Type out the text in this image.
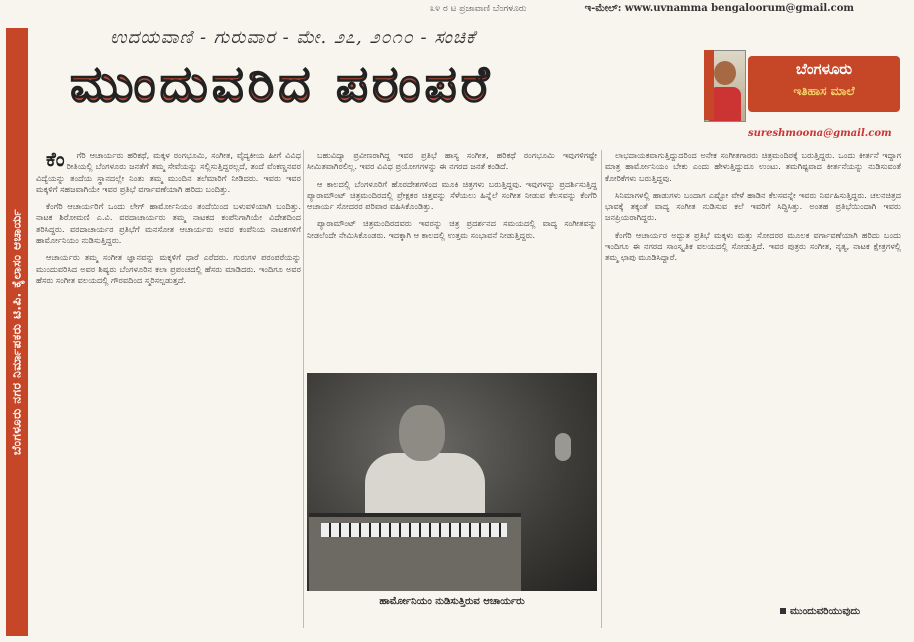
೩೪ ರ ಟ ಪ್ರಜಾವಾಣಿ ಬೆಂಗಳೂರು	ಇ-ಮೇಲ್: www.uvnamma bengaloorum@gmail.com
ಬೆಂಗಳೂರು ನಗರ ನಿರ್ಮಾಪಕರು ಟಿ.ಪಿ. ಕೈಲಾಸಂ ಆಚಾರ್ಯ
ಉದಯವಾಣಿ - ಗುರುವಾರ - ಮೇ. ೨೭, ೨೦೧೦ - ಸಂಚಿಕೆ
ಮುಂದುವರಿದ ಪರಂಪರೆ	ಬೆಂಗಳೂರು
ಇತಿಹಾಸ ಮಾಲೆ
sureshmoona@gmail.com

ಕೆಂಗೆರಿ ಆಚಾರ್ಯರು ಹರಿಕಥೆ, ಮಕ್ಕಳ ರಂಗಭೂಮಿ, ಸಂಗೀತ, ವೈದ್ಯಕೀಯ ಹೀಗೆ ವಿವಿಧ ರೀತಿಯಲ್ಲಿ ಬೆಂಗಳೂರು ಜನತೆಗೆ ತಮ್ಮ ಸೇವೆಯನ್ನು ಸಲ್ಲಿಸುತ್ತಿದ್ದರಲ್ಲದೆ, ತಂದೆ ವೆಂಕಣ್ಣನವರ ವಿದ್ಯೆಯನ್ನು ತಂದೆಯ ಸ್ಥಾನದಲ್ಲೇ ನಿಂತು ತಮ್ಮ ಮುಂದಿನ ತಲೆಮಾರಿಗೆ ನೀಡಿದರು. ಇವರು ಇವರ ಮಕ್ಕಳಿಗೆ ಸಹಜವಾಗಿಯೇ ಇವರ ಪ್ರತಿಭೆ ವರ್ಗಾವಣೆಯಾಗಿ ಹರಿದು ಬಂದಿತ್ತು.

ಕೆಂಗೆರಿ ಆಚಾರ್ಯರಿಗೆ ಒಂದು ಲೇಗ್ ಹಾರ್ಮೋನಿಯಂ ತಂದೆಯಿಂದ ಬಳುವಳಿಯಾಗಿ ಬಂದಿತ್ತು. ನಾಟಕ ಶಿರೋಮಣಿ ಎ.ವಿ. ವರದಾಚಾರ್ಯರು ತಮ್ಮ ನಾಟಕದ ಕಂಪೆನಿಗಾಗಿಯೇ ವಿದೇಶದಿಂದ ತರಿಸಿದ್ದರು. ವರದಾಚಾರ್ಯರ ಪ್ರತಿಭೆಗೆ ಮನಸೋತ ಆಚಾರ್ಯರು ಅವರ ಕಂಪೆನಿಯ ನಾಟಕಗಳಿಗೆ ಹಾರ್ಮೋನಿಯಂ ನುಡಿಸುತ್ತಿದ್ದರು.

ಆಚಾರ್ಯರು ತಮ್ಮ ಸಂಗೀತ ಜ್ಞಾನವನ್ನು ಮಕ್ಕಳಿಗೆ ಧಾರೆ ಎರೆದರು. ಗುರುಗಳ ಪರಂಪರೆಯನ್ನು ಮುಂದುವರಿಸಿದ ಅವರ ಶಿಷ್ಯರು ಬೆಂಗಳೂರಿನ ಕಲಾ ಪ್ರಪಂಚದಲ್ಲಿ ಹೆಸರು ಮಾಡಿದರು. ಇಂದಿಗೂ ಅವರ ಹೆಸರು ಸಂಗೀತ ವಲಯದಲ್ಲಿ ಗೌರವದಿಂದ ಸ್ಮರಿಸಲ್ಪಡುತ್ತದೆ.

ಬಹುವಿದ್ಯಾ ಪ್ರವೀಣರಾಗಿದ್ದ ಇವರ ಪ್ರತಿಭೆ ಹಾಸ್ಯ ಸಂಗೀತ, ಹರಿಕಥೆ ರಂಗಭೂಮಿ ಇವುಗಳಿಗಷ್ಟೇ ಸೀಮಿತವಾಗಿರಲಿಲ್ಲ. ಇವರ ವಿವಿಧ ಪ್ರಯೋಗಗಳನ್ನು ಈ ನಗರದ ಜನತೆ ಕಂಡಿದೆ.

ಆ ಕಾಲದಲ್ಲಿ ಬೆಂಗಳೂರಿಗೆ ಹೊರದೇಶಗಳಿಂದ ಮೂಕಿ ಚಿತ್ರಗಳು ಬರುತ್ತಿದ್ದವು. ಇವುಗಳನ್ನು ಪ್ರದರ್ಶಿಸುತ್ತಿದ್ದ ಪ್ಯಾರಾಮೌಂಟ್ ಚಿತ್ರಮಂದಿರದಲ್ಲಿ ಪ್ರೇಕ್ಷಕರ ಚಿತ್ತವನ್ನು ಸೆಳೆಯಲು ಹಿನ್ನೆಲೆ ಸಂಗೀತ ನೀಡುವ ಕೆಲಸವನ್ನು ಕೆಂಗೆರಿ ಆಚಾರ್ಯ ಸೋದರರ ಪರಿವಾರ ವಹಿಸಿಕೊಂಡಿತ್ತು.

ಪ್ಯಾರಾಮೌಂಟ್ ಚಿತ್ರಮಂದಿರದವರು ಇವರನ್ನು ಚಿತ್ರ ಪ್ರದರ್ಶನದ ಸಮಯದಲ್ಲಿ ವಾದ್ಯ ಸಂಗೀತವನ್ನು ನೀಡಲೆಂದೇ ನೇಮಿಸಿಕೊಂಡರು. ಇದಕ್ಕಾಗಿ ಆ ಕಾಲದಲ್ಲಿ ಉತ್ತಮ ಸಂಭಾವನೆ ನೀಡುತ್ತಿದ್ದರು.

ಹಾರ್ಮೋನಿಯಂ ನುಡಿಸುತ್ತಿರುವ ಆಚಾರ್ಯರು

ಲಾಭದಾಯಕವಾಗುತ್ತಿದ್ದುದರಿಂದ ಅನೇಕ ಸಂಗೀತಗಾರರು ಚಿತ್ರಮಂದಿರಕ್ಕೆ ಬರುತ್ತಿದ್ದರು. ಒಂದು ಕೀರ್ತನೆ ಇದ್ದಾಗ ಮಾತ್ರ ಹಾರ್ಮೋನಿಯಂ ಬೇಕು ಎಂದು ಹೇಳುತ್ತಿದ್ದುದೂ ಉಂಟು. ತಮಗಿಷ್ಟವಾದ ಕೀರ್ತನೆಯನ್ನು ನುಡಿಸುವಂತೆ ಕೋರಿಕೆಗಳು ಬರುತ್ತಿದ್ದವು.

ಸಿನಿಮಾಗಳಲ್ಲಿ ಹಾಡುಗಳು ಬಂದಾಗ ಎಷ್ಟೋ ವೇಳೆ ಹಾಡಿನ ಕೆಲಸವನ್ನೇ ಇವರು ನಿರ್ವಹಿಸುತ್ತಿದ್ದರು. ಚಲನಚಿತ್ರದ ಭಾವಕ್ಕೆ ತಕ್ಕಂತೆ ವಾದ್ಯ ಸಂಗೀತ ನುಡಿಸುವ ಕಲೆ ಇವರಿಗೆ ಸಿದ್ಧಿಸಿತ್ತು. ಅಂತಹ ಪ್ರತಿಭೆಯಿಂದಾಗಿ ಇವರು ಜನಪ್ರಿಯರಾಗಿದ್ದರು.

ಕೆಂಗೆರಿ ಆಚಾರ್ಯರ ಅದ್ಭುತ ಪ್ರತಿಭೆ ಮಕ್ಕಳು ಮತ್ತು ಸೋದರರ ಮೂಲಕ ವರ್ಗಾವಣೆಯಾಗಿ ಹರಿದು ಬಂದು ಇಂದಿಗೂ ಈ ನಗರದ ಸಾಂಸ್ಕೃತಿಕ ವಲಯದಲ್ಲಿ ಸೋಡುತ್ತಿದೆ. ಇವರ ಪುತ್ರರು ಸಂಗೀತ, ನೃತ್ಯ, ನಾಟಕ ಕ್ಷೇತ್ರಗಳಲ್ಲಿ ತಮ್ಮ ಛಾಪು ಮೂಡಿಸಿದ್ದಾರೆ.

ಮುಂದುವರಿಯುವುದು
